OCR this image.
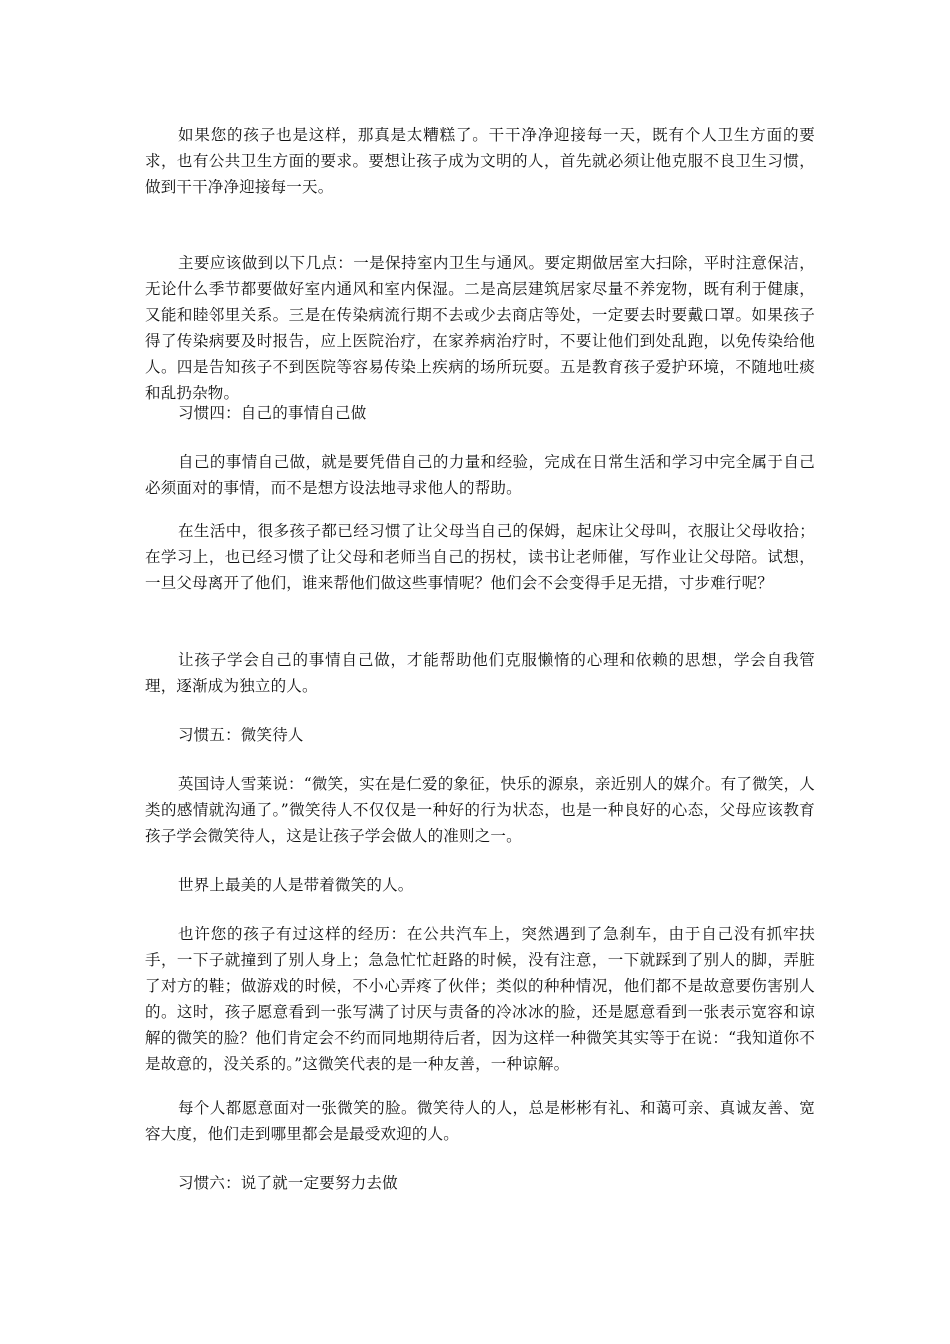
如果您的孩子也是这样，那真是太糟糕了。干干净净迎接每一天，既有个人卫生方面的要求，也有公共卫生方面的要求。要想让孩子成为文明的人，首先就必须让他克服不良卫生习惯，做到干干净净迎接每一天。

主要应该做到以下几点：一是保持室内卫生与通风。要定期做居室大扫除，平时注意保洁，无论什么季节都要做好室内通风和室内保湿。二是高层建筑居家尽量不养宠物，既有利于健康，又能和睦邻里关系。三是在传染病流行期不去或少去商店等处，一定要去时要戴口罩。如果孩子得了传染病要及时报告，应上医院治疗，在家养病治疗时，不要让他们到处乱跑，以免传染给他人。四是告知孩子不到医院等容易传染上疾病的场所玩耍。五是教育孩子爱护环境，不随地吐痰和乱扔杂物。

习惯四：自己的事情自己做

自己的事情自己做，就是要凭借自己的力量和经验，完成在日常生活和学习中完全属于自己必须面对的事情，而不是想方设法地寻求他人的帮助。

在生活中，很多孩子都已经习惯了让父母当自己的保姆，起床让父母叫，衣服让父母收拾；在学习上，也已经习惯了让父母和老师当自己的拐杖，读书让老师催，写作业让父母陪。试想，一旦父母离开了他们，谁来帮他们做这些事情呢？他们会不会变得手足无措，寸步难行呢？

让孩子学会自己的事情自己做，才能帮助他们克服懒惰的心理和依赖的思想，学会自我管理，逐渐成为独立的人。

习惯五：微笑待人

英国诗人雪莱说：“微笑，实在是仁爱的象征，快乐的源泉，亲近别人的媒介。有了微笑，人类的感情就沟通了。”微笑待人不仅仅是一种好的行为状态，也是一种良好的心态，父母应该教育孩子学会微笑待人，这是让孩子学会做人的准则之一。

世界上最美的人是带着微笑的人。

也许您的孩子有过这样的经历：在公共汽车上，突然遇到了急刹车，由于自己没有抓牢扶手，一下子就撞到了别人身上；急急忙忙赶路的时候，没有注意，一下就踩到了别人的脚，弄脏了对方的鞋；做游戏的时候，不小心弄疼了伙伴；类似的种种情况，他们都不是故意要伤害别人的。这时，孩子愿意看到一张写满了讨厌与责备的冷冰冰的脸，还是愿意看到一张表示宽容和谅解的微笑的脸？他们肯定会不约而同地期待后者，因为这样一种微笑其实等于在说：“我知道你不是故意的，没关系的。”这微笑代表的是一种友善，一种谅解。

每个人都愿意面对一张微笑的脸。微笑待人的人，总是彬彬有礼、和蔼可亲、真诚友善、宽容大度，他们走到哪里都会是最受欢迎的人。

习惯六：说了就一定要努力去做
